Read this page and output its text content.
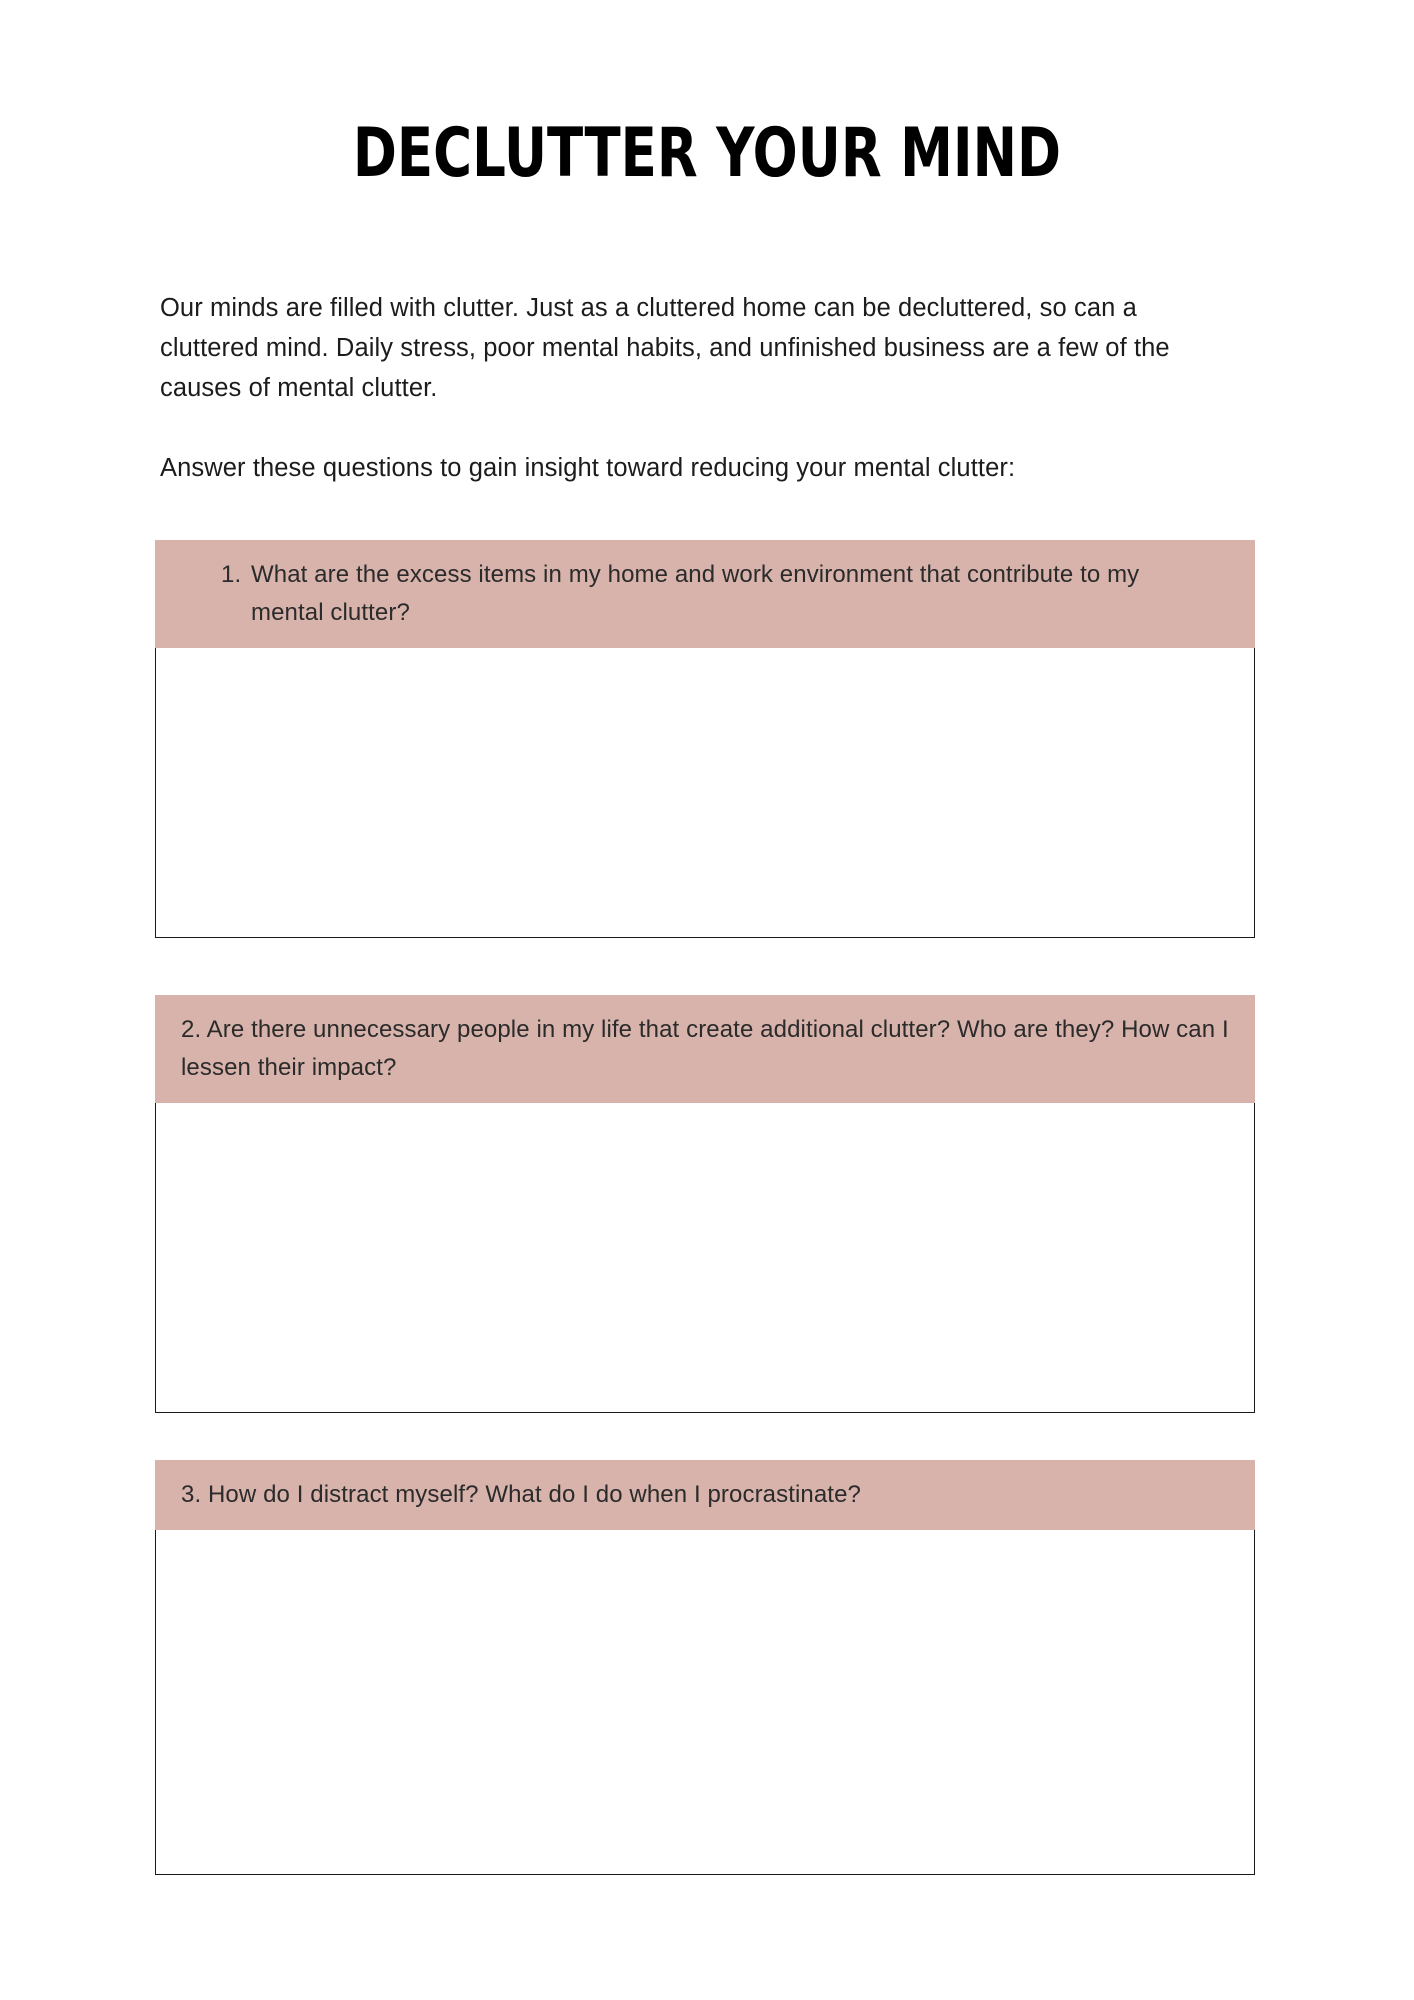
DECLUTTER YOUR MIND

Our minds are filled with clutter. Just as a cluttered home can be decluttered, so can a cluttered mind. Daily stress, poor mental habits, and unfinished business are a few of the causes of mental clutter.

Answer these questions to gain insight toward reducing your mental clutter:

1. What are the excess items in my home and work environment that contribute to my mental clutter?
2. Are there unnecessary people in my life that create additional clutter? Who are they? How can I lessen their impact?
3. How do I distract myself? What do I do when I procrastinate?
